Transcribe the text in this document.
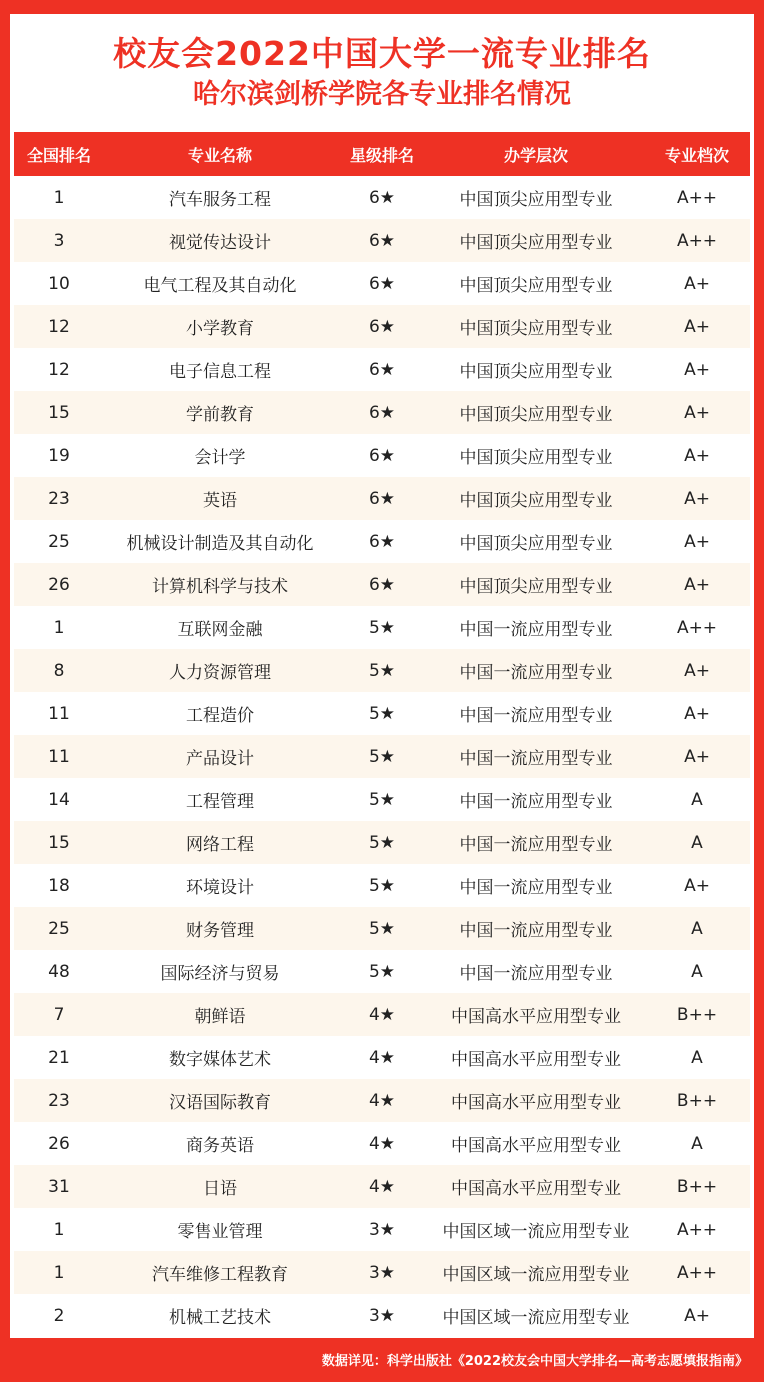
校友会2022中国大学一流专业排名
哈尔滨剑桥学院各专业排名情况
全国排名	专业名称	星级排名	办学层次	专业档次
1	汽车服务工程	6★	中国顶尖应用型专业	A++
3	视觉传达设计	6★	中国顶尖应用型专业	A++
10	电气工程及其自动化	6★	中国顶尖应用型专业	A+
12	小学教育	6★	中国顶尖应用型专业	A+
12	电子信息工程	6★	中国顶尖应用型专业	A+
15	学前教育	6★	中国顶尖应用型专业	A+
19	会计学	6★	中国顶尖应用型专业	A+
23	英语	6★	中国顶尖应用型专业	A+
25	机械设计制造及其自动化	6★	中国顶尖应用型专业	A+
26	计算机科学与技术	6★	中国顶尖应用型专业	A+
1	互联网金融	5★	中国一流应用型专业	A++
8	人力资源管理	5★	中国一流应用型专业	A+
11	工程造价	5★	中国一流应用型专业	A+
11	产品设计	5★	中国一流应用型专业	A+
14	工程管理	5★	中国一流应用型专业	A
15	网络工程	5★	中国一流应用型专业	A
18	环境设计	5★	中国一流应用型专业	A+
25	财务管理	5★	中国一流应用型专业	A
48	国际经济与贸易	5★	中国一流应用型专业	A
7	朝鲜语	4★	中国高水平应用型专业	B++
21	数字媒体艺术	4★	中国高水平应用型专业	A
23	汉语国际教育	4★	中国高水平应用型专业	B++
26	商务英语	4★	中国高水平应用型专业	A
31	日语	4★	中国高水平应用型专业	B++
1	零售业管理	3★	中国区域一流应用型专业	A++
1	汽车维修工程教育	3★	中国区域一流应用型专业	A++
2	机械工艺技术	3★	中国区域一流应用型专业	A+
数据详见：科学出版社《2022校友会中国大学排名—高考志愿填报指南》
